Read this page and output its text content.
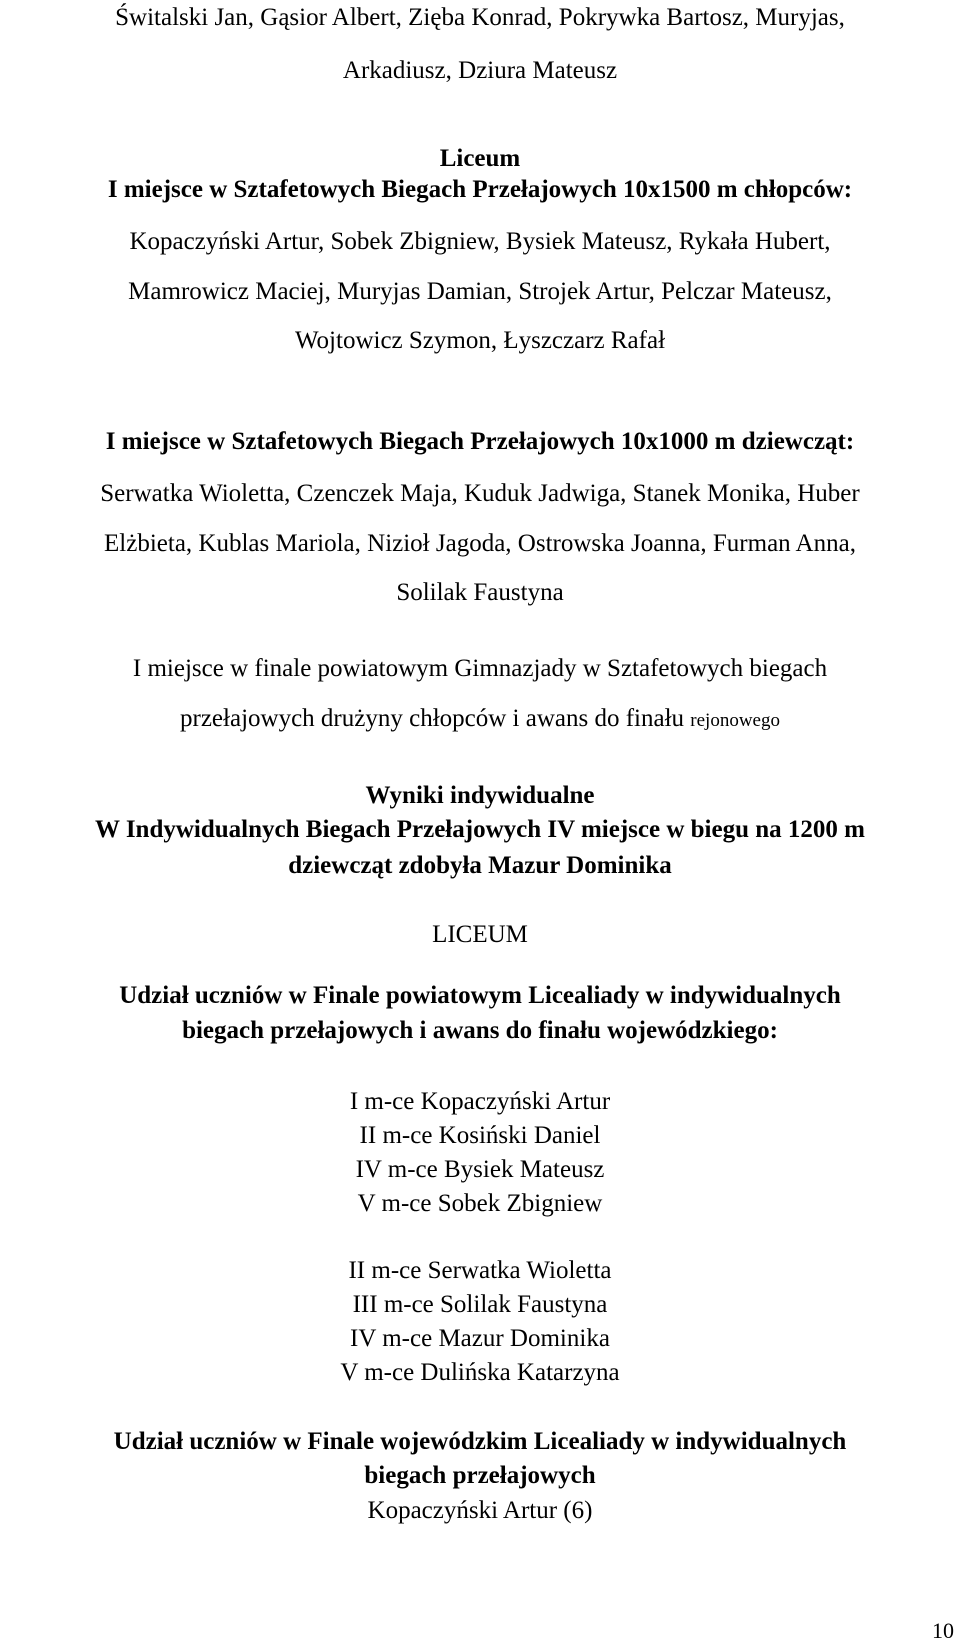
Świtalski Jan, Gąsior Albert, Zięba Konrad, Pokrywka Bartosz, Muryjas,
Arkadiusz, Dziura Mateusz
Liceum
I miejsce w Sztafetowych Biegach Przełajowych 10x1500 m chłopców:
Kopaczyński Artur, Sobek Zbigniew, Bysiek Mateusz, Rykała Hubert,
Mamrowicz Maciej, Muryjas Damian, Strojek Artur, Pelczar Mateusz,
Wojtowicz Szymon, Łyszczarz Rafał
I miejsce w Sztafetowych Biegach Przełajowych 10x1000 m dziewcząt:
Serwatka Wioletta, Czenczek Maja, Kuduk Jadwiga, Stanek Monika, Huber
Elżbieta, Kublas Mariola, Nizioł Jagoda, Ostrowska Joanna, Furman Anna,
Solilak Faustyna
I miejsce w finale powiatowym Gimnazjady w Sztafetowych biegach
przełajowych drużyny chłopców i awans do finału rejonowego
Wyniki indywidualne
W Indywidualnych Biegach Przełajowych IV miejsce w biegu na 1200 m
dziewcząt zdobyła Mazur Dominika
LICEUM
Udział uczniów w Finale powiatowym Licealiady w indywidualnych
biegach przełajowych i awans do finału wojewódzkiego:
I m-ce Kopaczyński Artur
II m-ce Kosiński Daniel
IV m-ce Bysiek Mateusz
V m-ce Sobek Zbigniew
II m-ce Serwatka Wioletta
III m-ce Solilak Faustyna
IV m-ce Mazur Dominika
V m-ce Dulińska Katarzyna
Udział uczniów w Finale wojewódzkim Licealiady w indywidualnych
biegach przełajowych
Kopaczyński Artur (6)
10
